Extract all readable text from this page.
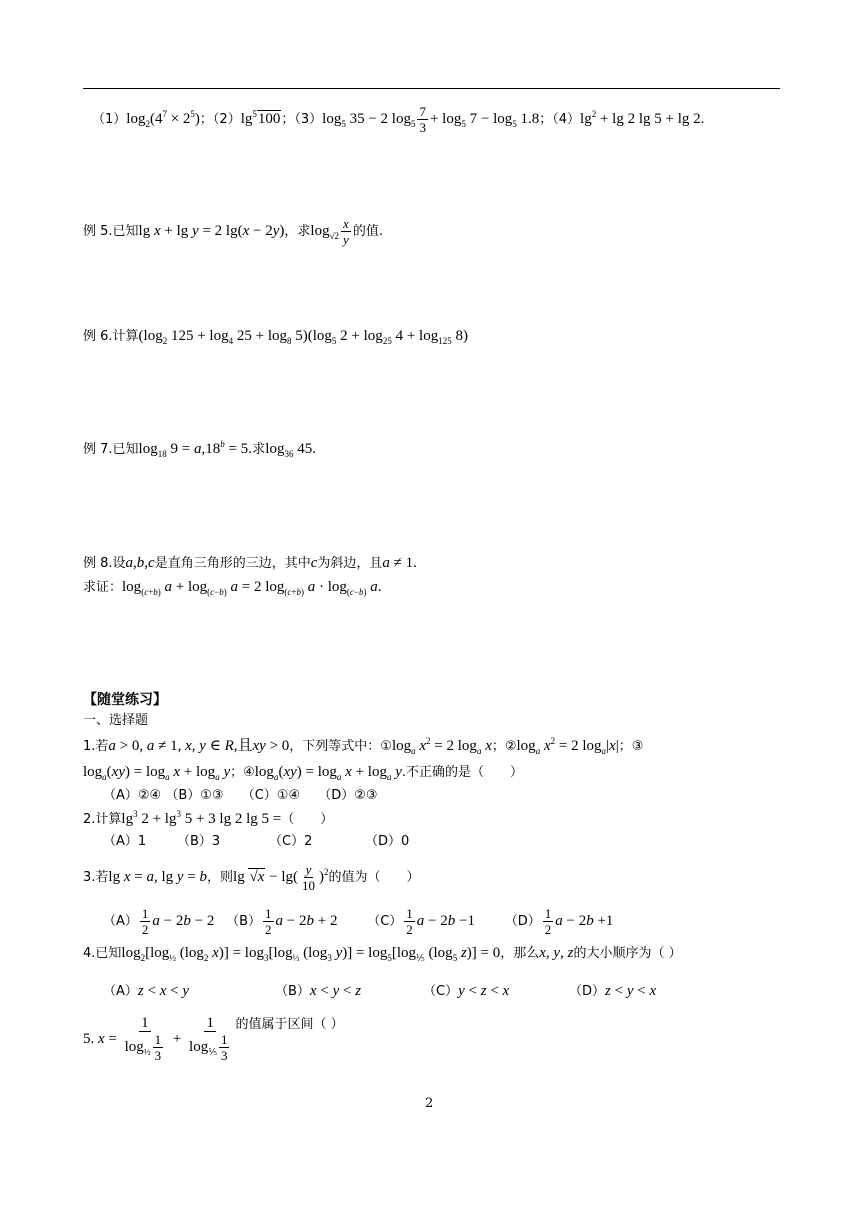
$(1)\log_2(4^7 \times 2^5)$；$(2)\lg^5100$；$(3)\log_5$ 35 − 2 $\log_5 \frac{7}{3} + \log_5 7 - \log_5 1.8$；$(4)\lg^2 + \lg 2$ lg 5 + lg 2.
例 5.已知lg x + lg y = 2 lg(x − 2y)，求$\log_{√2} \frac{x}{y}$ 的值.
例 6.计算($\log_2$ $125 + \log_4 25 + \log_8 5)(\log_5$ $2 + \log_{25} 4 + \log_{125} 8$)
例 7.已知$\log_{18} 9 = a,18^b = 5$.求$\log_{36} 45$.
例 8.设a,b,c是直角三角形的三边，其中c为斜边，且a ≠ 1.
求证：$\log_{(c+b)} a + \log_{(c-b)} a = 2$ $\log_{(c+b)} a \cdot \log_{(c-b)} a$.
【随堂练习】
一、选择题
1.若a > 0, a ≠ 1, x, y ∈ R,且xy > 0，下列等式中：$①\log_a$ $x^2 = 2$ $\log_a x$；$②\log_a$ $x^2 = 2$ $\log_a|x|$；③
$\log_a(xy) = \log_a x + \log_a y$；$④\log_a(xy) = \log_a x + \log_a y$.不正确的是（　　）
（A）②④ （B）①③ （C）①④ （D）②③
2.计算$\lg^3 2 + \lg^3 5 + 3$ lg 2 lg 5 =（　　）
（A）1 （B）3	（C）2	（D）0
3.若lg x = a, lg y = b，则$\lg √x - \lg( \frac{y}{10} )^2$的值为（　　）
$(A) \frac{1}{2}$ a − 2b − 2 $(B) \frac{1}{2}$ a − 2b + 2 $(C) \frac{1}{2}$ a − 2b −1 $(D) \frac{1}{2}$ a − 2b +1
4.已知$\log_2[\log_{\frac{1}{2}}$ ($\log_2$ $x)] = \log_3[\log_{\frac{1}{3}}$ ($\log_3$ $y)] = \log_5[\log_{\frac{1}{5}}$ ($\log_5$ z)] = 0，那么x, y, z的大小顺序为（ ）
（A）z < x < y	（B）x < y < z	（C）y < z < x	（D）z < y < x
5. $x = \frac{1}{\log_{\frac{1}{2}} \frac{1}{3}} + \frac{1}{\log_{\frac{1}{5}} \frac{1}{3}}$ 的值属于区间（ ）
2
